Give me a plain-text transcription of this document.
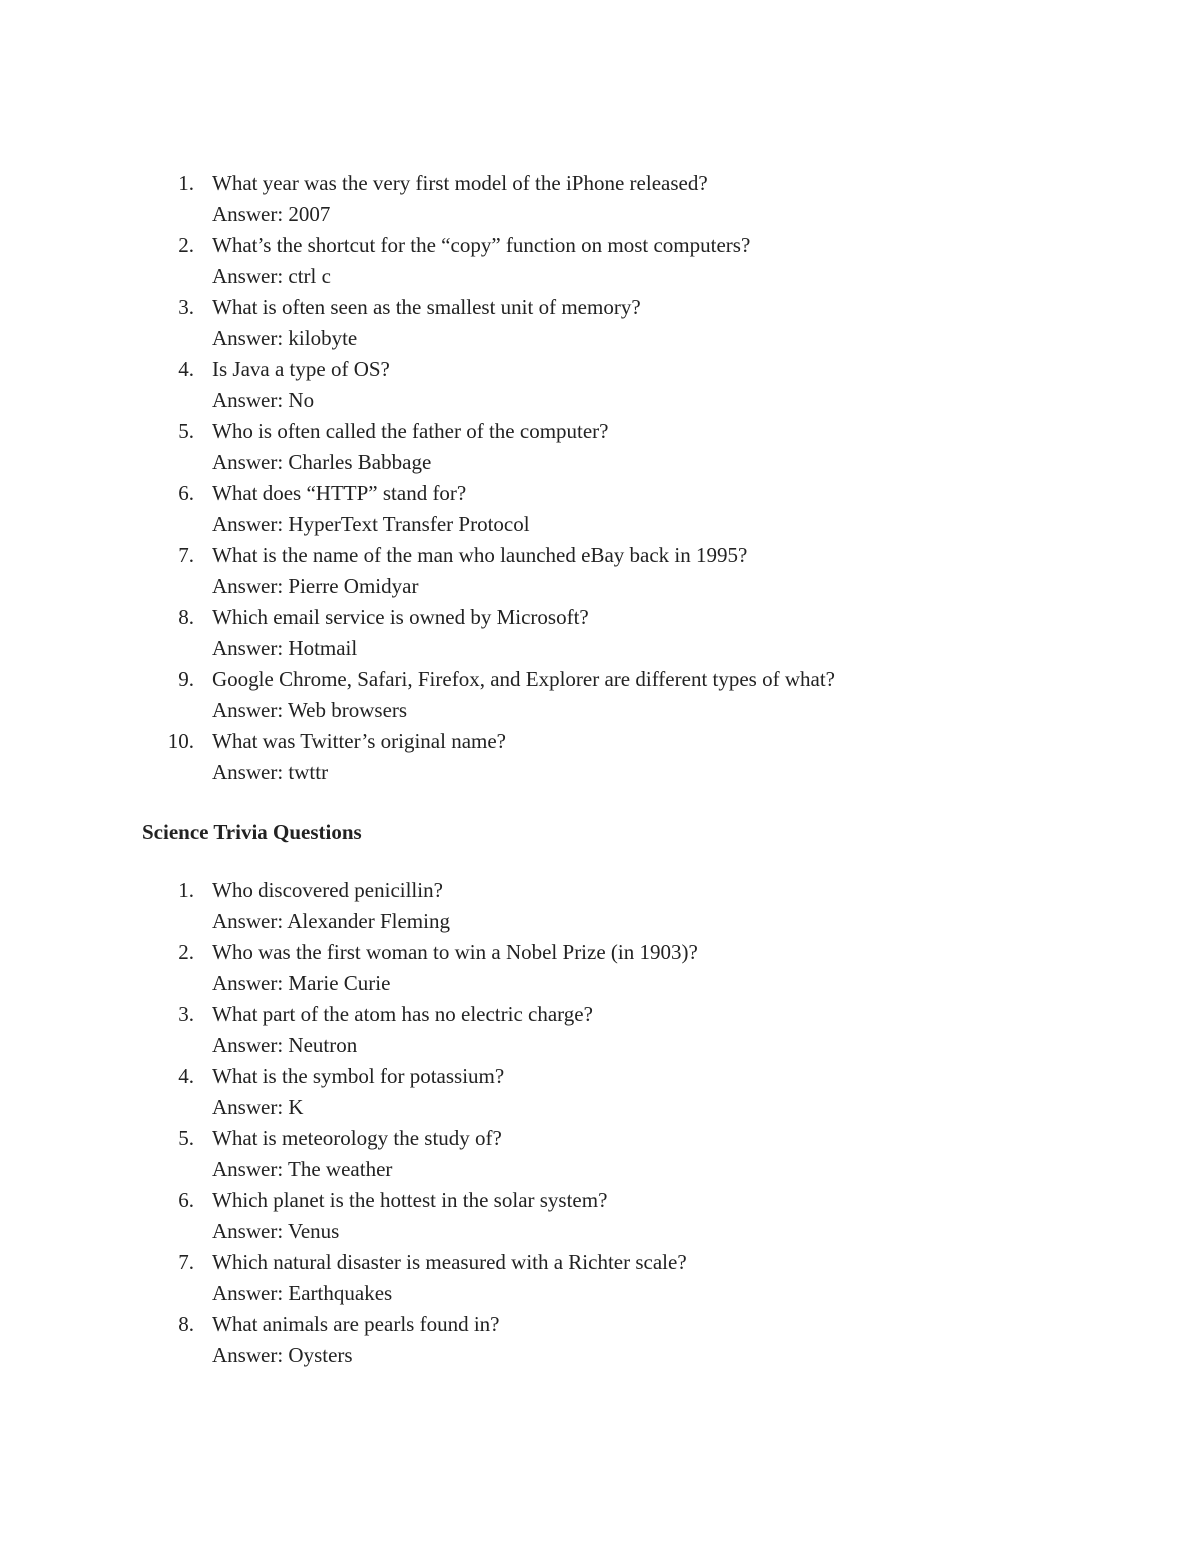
1. What year was the very first model of the iPhone released?
Answer: 2007
2. What’s the shortcut for the “copy” function on most computers?
Answer: ctrl c
3. What is often seen as the smallest unit of memory?
Answer: kilobyte
4. Is Java a type of OS?
Answer: No
5. Who is often called the father of the computer?
Answer: Charles Babbage
6. What does “HTTP” stand for?
Answer: HyperText Transfer Protocol
7. What is the name of the man who launched eBay back in 1995?
Answer: Pierre Omidyar
8. Which email service is owned by Microsoft?
Answer: Hotmail
9. Google Chrome, Safari, Firefox, and Explorer are different types of what?
Answer: Web browsers
10. What was Twitter’s original name?
Answer: twttr
Science Trivia Questions
1. Who discovered penicillin?
Answer: Alexander Fleming
2. Who was the first woman to win a Nobel Prize (in 1903)?
Answer: Marie Curie
3. What part of the atom has no electric charge?
Answer: Neutron
4. What is the symbol for potassium?
Answer: K
5. What is meteorology the study of?
Answer: The weather
6. Which planet is the hottest in the solar system?
Answer: Venus
7. Which natural disaster is measured with a Richter scale?
Answer: Earthquakes
8. What animals are pearls found in?
Answer: Oysters
